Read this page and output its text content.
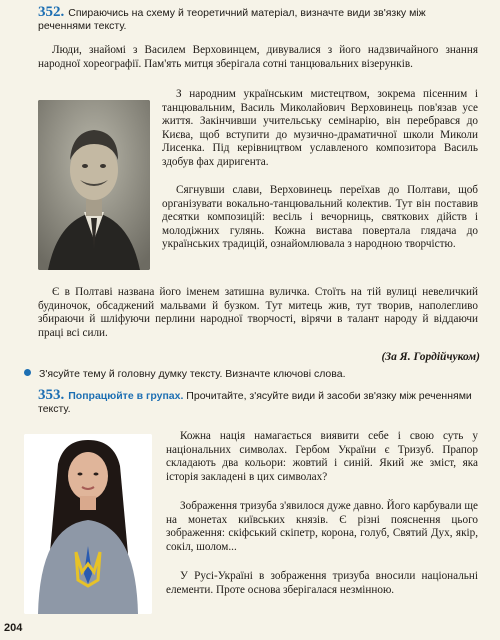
352. Спираючись на схему й теоретичний матеріал, визначте види зв'язку між реченнями тексту.

Люди, знайомі з Василем Верховинцем, дивувалися з його надзвичайного знання народної хореографії. Пам'ять митця зберігала сотні танцювальних візерунків.

З народним українським мистецтвом, зокрема пісенним і танцювальним, Василь Миколайович Верховинець пов'язав усе життя. Закінчивши учительську семінарію, він перебрався до Києва, щоб вступити до музично-драматичної школи Миколи Лисенка. Під керівництвом уславленого композитора Василь здобув фах диригента.

Сягнувши слави, Верховинець переїхав до Полтави, щоб організувати вокально-танцювальний колектив. Тут він поставив десятки композицій: весіль і вечорниць, святкових дійств і молодіжних гулянь. Кожна вистава повертала глядача до українських традицій, ознайомлювала з народною творчістю.

Є в Полтаві названа його іменем затишна вуличка. Стоїть на тій вулиці невеличкий будиночок, обсаджений мальвами й бузком. Тут митець жив, тут творив, наполегливо збираючи й шліфуючи перлини народної творчості, вірячи в талант народу й віддаючи праці всі сили.

(За Я. Гордійчуком)
З'ясуйте тему й головну думку тексту. Визначте ключові слова.
353. Попрацюйте в групах. Прочитайте, з'ясуйте види й засоби зв'язку між реченнями тексту.

Кожна нація намагається виявити себе і свою суть у національних символах. Гербом України є Тризуб. Прапор складають два кольори: жовтий і синій. Який же зміст, яка історія закладені в цих символах?

Зображення тризуба з'явилося дуже давно. Його карбували ще на монетах київських князів. Є різні пояснення цього зображення: скіфський скіпетр, корона, голуб, Святий Дух, якір, сокіл, шолом...

У Русі-Україні в зображення тризуба вносили національні елементи. Проте основа зберігалася незмінною.

204
